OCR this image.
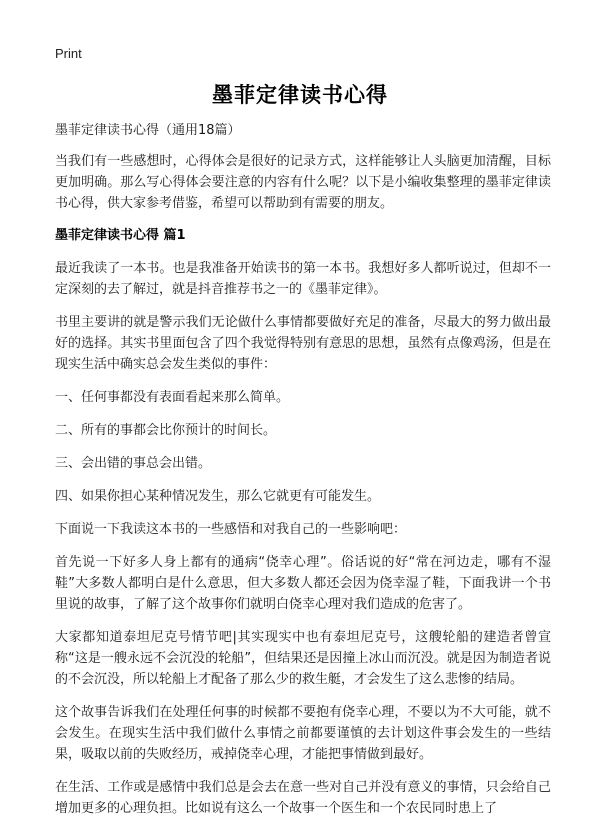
Print
墨菲定律读书心得
墨菲定律读书心得（通用18篇）

当我们有一些感想时，心得体会是很好的记录方式，这样能够让人头脑更加清醒，目标更加明确。那么写心得体会要注意的内容有什么呢？以下是小编收集整理的墨菲定律读书心得，供大家参考借鉴，希望可以帮助到有需要的朋友。

墨菲定律读书心得 篇1

最近我读了一本书。也是我准备开始读书的第一本书。我想好多人都听说过，但却不一定深刻的去了解过，就是抖音推荐书之一的《墨菲定律》。

书里主要讲的就是警示我们无论做什么事情都要做好充足的准备，尽最大的努力做出最好的选择。其实书里面包含了四个我觉得特别有意思的思想，虽然有点像鸡汤，但是在现实生活中确实总会发生类似的事件：

一、任何事都没有表面看起来那么简单。

二、所有的事都会比你预计的时间长。

三、会出错的事总会出错。

四、如果你担心某种情况发生，那么它就更有可能发生。

下面说一下我读这本书的一些感悟和对我自己的一些影响吧：

首先说一下好多人身上都有的通病“侥幸心理”。俗话说的好“常在河边走，哪有不湿鞋”大多数人都明白是什么意思，但大多数人都还会因为侥幸湿了鞋，下面我讲一个书里说的故事，了解了这个故事你们就明白侥幸心理对我们造成的危害了。

大家都知道泰坦尼克号情节吧|其实现实中也有泰坦尼克号，这艘轮船的建造者曾宣称“这是一艘永远不会沉没的轮船”，但结果还是因撞上冰山而沉没。就是因为制造者说的不会沉没，所以轮船上才配备了那么少的救生艇，才会发生了这么悲惨的结局。

这个故事告诉我们在处理任何事的时候都不要抱有侥幸心理，不要以为不大可能，就不会发生。在现实生活中我们做什么事情之前都要谨慎的去计划这件事会发生的一些结果，吸取以前的失败经历，戒掉侥幸心理，才能把事情做到最好。

在生活、工作或是感情中我们总是会去在意一些对自己并没有意义的事情，只会给自己增加更多的心理负担。比如说有这么一个故事一个医生和一个农民同时患上了
